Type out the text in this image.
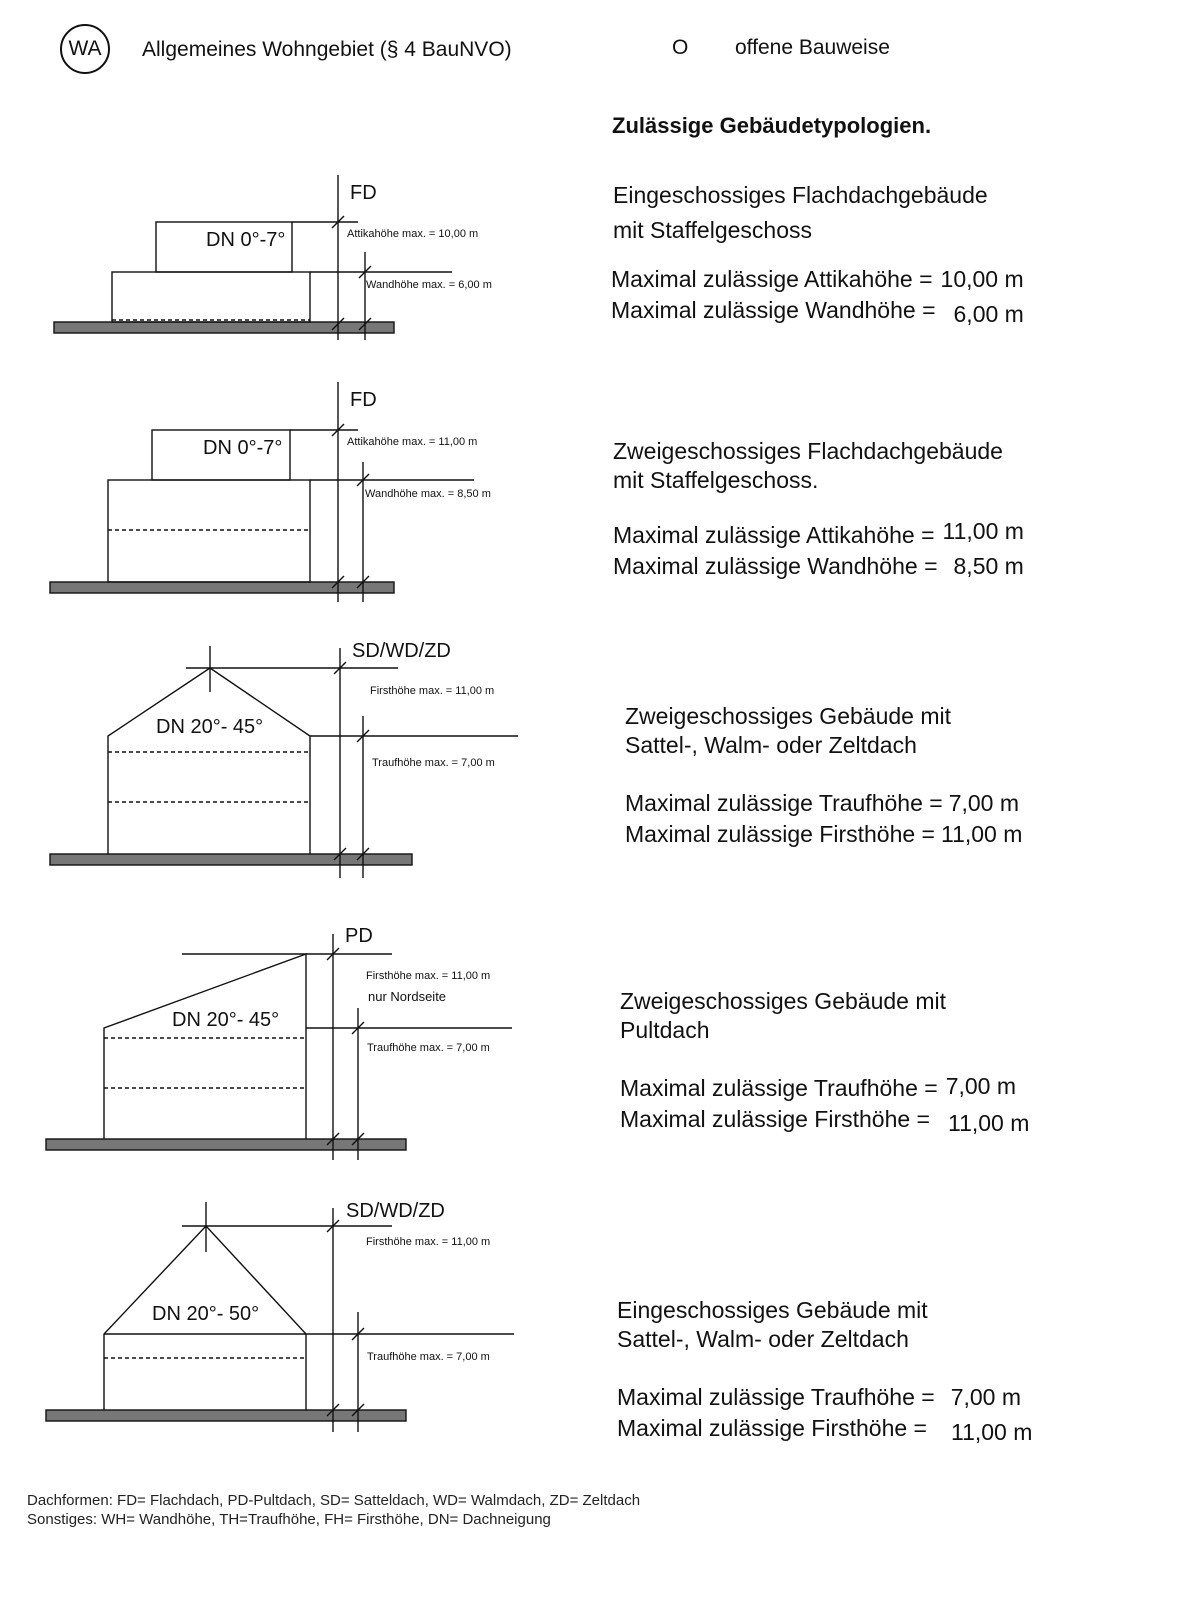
WA Allgemeines Wohngebiet (§ 4 BauNVO)	O offene Bauweise
Zulässige Gebäudetypologien.
FD
DN 0°-7°	Attikahöhe max. = 10,00 m
Wandhöhe max. = 6,00 m
FD
DN 0°-7°	Attikahöhe max. = 11,00 m
Wandhöhe max. = 8,50 m
SD/WD/ZD
DN 20°- 45°
Firsthöhe max. = 11,00 m
Traufhöhe max. = 7,00 m
PD
DN 20°- 45°
Firsthöhe max. = 11,00 m
nur Nordseite
Traufhöhe max. = 7,00 m
SD/WD/ZD
DN 20°- 50°
Firsthöhe max. = 11,00 m
Traufhöhe max. = 7,00 m
Eingeschossiges Flachdachgebäude
mit Staffelgeschoss
Maximal zulässige Attikahöhe = 10,00 m
Maximal zulässige Wandhöhe = 6,00 m
Zweigeschossiges Flachdachgebäude
mit Staffelgeschoss.
Maximal zulässige Attikahöhe = 11,00 m
Maximal zulässige Wandhöhe = 8,50 m
Zweigeschossiges Gebäude mit
Sattel-, Walm- oder Zeltdach
Maximal zulässige Traufhöhe = 7,00 m
Maximal zulässige Firsthöhe = 11,00 m
Zweigeschossiges Gebäude mit
Pultdach
Maximal zulässige Traufhöhe = 7,00 m
Maximal zulässige Firsthöhe = 11,00 m
Eingeschossiges Gebäude mit
Sattel-, Walm- oder Zeltdach
Maximal zulässige Traufhöhe = 7,00 m
Maximal zulässige Firsthöhe = 11,00 m
Dachformen: FD= Flachdach, PD-Pultdach, SD= Satteldach, WD= Walmdach, ZD= Zeltdach
Sonstiges: WH= Wandhöhe, TH=Traufhöhe, FH= Firsthöhe, DN= Dachneigung
